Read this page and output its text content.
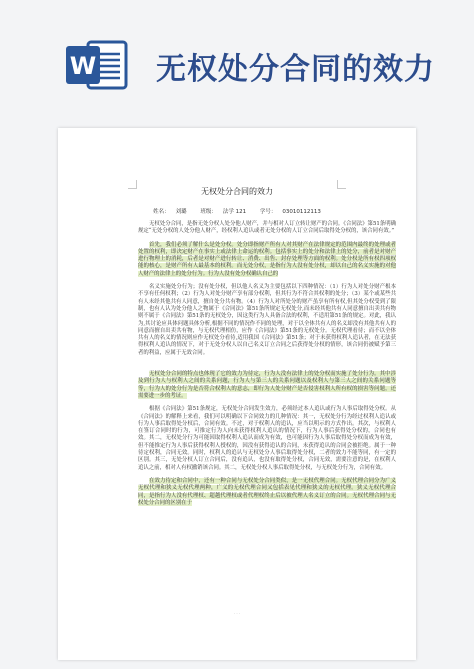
W 无权处分合同的效力
无权处分合同的效力
姓名： 刘璐	班级： 法学 121	学号： 03010112113

无权处分合同，是指无处分权人处分他人财产，并与相对人订立转让财产的合同。《合同法》第51条明确规定“无处分权的人处分他人财产，经权利人追认或者无处分权的人订立合同后取得处分权的，该合同有效。”

首先，我们必须了解什么是处分权。处分即指财产所有人对其财产在法律规定的范围内最终的处理或者处置的权利，即决定财产在事实上或法律上命运的权利。包括事实上的处分和法律上的处分，前者是对财产进行物理上的消耗，后者是对财产进行转让、消费、出售、封存处理等方面的权利。处分权是所有权四项权能的核心，是财产所有人最基本的权利。而无处分权，是指行为人没有处分权，却以自己的名义实施的对他人财产的法律上的处分行为。行为人没有处分权确认自己的

名义实施处分行为；没有处分权，但以他人名义为主要包括以下四种情况：（1）行为人对处分财产根本不享有任何权利；（2）行为人对处分财产享有部分权利，但其行为不符合其权利的处分；（3）某个或某些共有人未经其他共有人同意，擅自处分共有物。（4）行为人对所处分的财产虽享有所有权,但其处分权受到了限制，也有人认为处分他人之物属于《合同法》第51条所规定无权处分,而未经其他共有人同意擅自出卖共有物则不属于《合同法》第51条的无权处分，因这类行为人具备合法的权利，不适用第51条的规定。对此，我认为,其讨论应具体问题具体分析,根据不同的情况作不同的处理，对于以全体共有人的名义却没有其他共有人的同意而擅自出卖共有物，与无权代理相仿，应作《合同法》第51条的无权处分。无权代理看待；而不以全体共有人的名义的情况则应作无权处分看待,适用我国《合同法》第51条；对于未获得权利人追认者，在无法获得权利人追认的情况下，对于无处分权人以自己名义订立合同之后获得处分权的情形，该合同仍被赋予第三者的利益，应属于无效合同。

无权处分合同的特点也体现了它的效力为待定，行为人没有法律上的处分权而实施了处分行为。其中涉及到行为人与权利人之间的关系问题，行为人与第三人的关系问题以及权利人与第三人之间的关系问题等等，行为人的处分行为是否符合权利人的意志，即行为人处分财产是否侵害权利人所有权的损害等问题，还需要进一步的考证。

根据《合同法》第51条规定，无权处分合同发生效力，必须经过本人追认或行为人事后取得处分权。从《合同法》的解释上来看，我们可以明确以下合同效力的几种情况：其一，无权处分行为经过权利人追认或行为人事后取得处分权后，合同有效。不过，对于权利人的追认，应当以明示的方式作出。其次，与权利人在签订合同时的行为，可推定行为人向未获得权利人追认的情况下，行为人事后获得处分权的，合同也有效。其二，无权处分行为可能因取得权利人追认而成为有效，也可能因行为人事后取得处分权而成为有效，但不能推定行为人事后获得权利人授权的，因没有获得追认的合同，未获得追认的合同会被拒绝。属于一种待定权利，合同无效。同时，权利人的追认与无权处分人事后取得处分权，二者的效力不能等同，有一定的区别。其三，无处分权人订立合同后，没有追认，也没有取得处分权，合同无效，需要注意的是，在权利人追认之前，相对人有权撤销该合同。其二，无权处分权人事后取得处分权，与无权处分行为，合同有效。

在效力待定和合同中，还有一种合同与无权处分合同类似，是一无权代理合同。无权代理合同分为广义无权代理和狭义无权代理两种，广义的无权代理合同又包括表见代理和狭义的无权代理。狭义无权代理合同，是指行为人没有代理权、超越代理权或者代理权终止后以被代理人名义订立的合同。无权代理合同与无权处分合同的区别在于

· · ·
